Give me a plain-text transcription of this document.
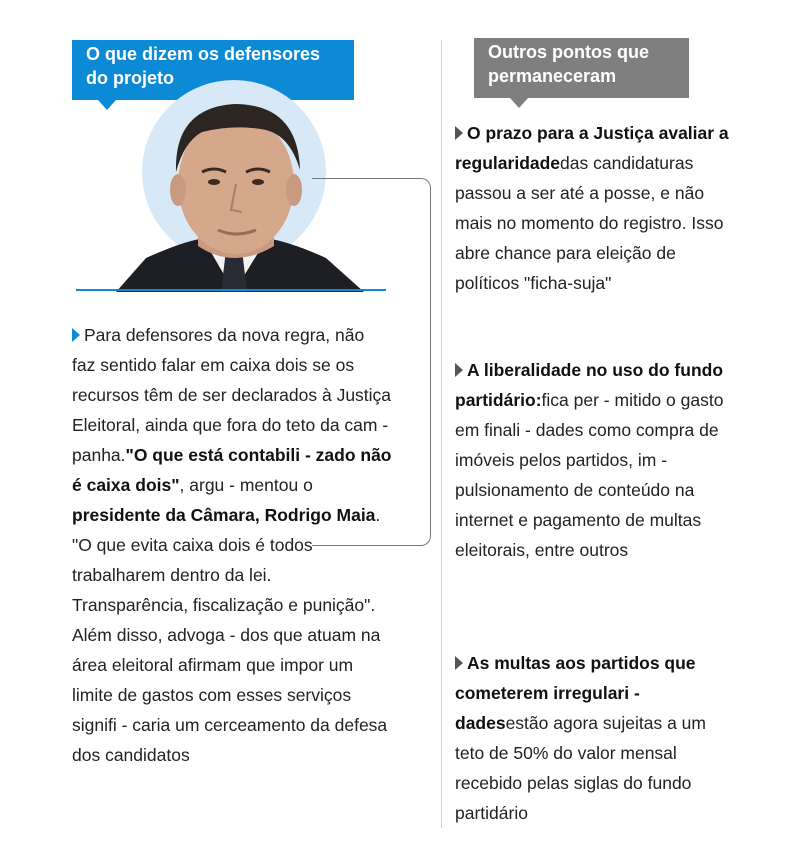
O que dizem os defensores
do projeto
Para defensores da nova regra, não faz sentido falar em caixa dois se os recursos têm de ser declarados à Justiça Eleitoral, ainda que fora do teto da cam - panha."O que está contabili - zado não é caixa dois", argu - mentou o presidente da Câmara, Rodrigo Maia. "O que evita caixa dois é todos trabalharem dentro da lei. Transparência, fiscalização e punição". Além disso, advoga - dos que atuam na área eleitoral afirmam que impor um limite de gastos com esses serviços signifi - caria um cerceamento da defesa dos candidatos
Outros pontos que
permaneceram
O prazo para a Justiça avaliar a regularidadedas candidaturas passou a ser até a posse, e não mais no momento do registro. Isso abre chance para eleição de políticos "ficha-suja"
A liberalidade no uso do fundo partidário:fica per - mitido o gasto em finali - dades como compra de imóveis pelos partidos, im - pulsionamento de conteúdo na internet e pagamento de multas eleitorais, entre outros
As multas aos partidos que cometerem irregulari - dadesestão agora sujeitas a um teto de 50% do valor mensal recebido pelas siglas do fundo partidário
